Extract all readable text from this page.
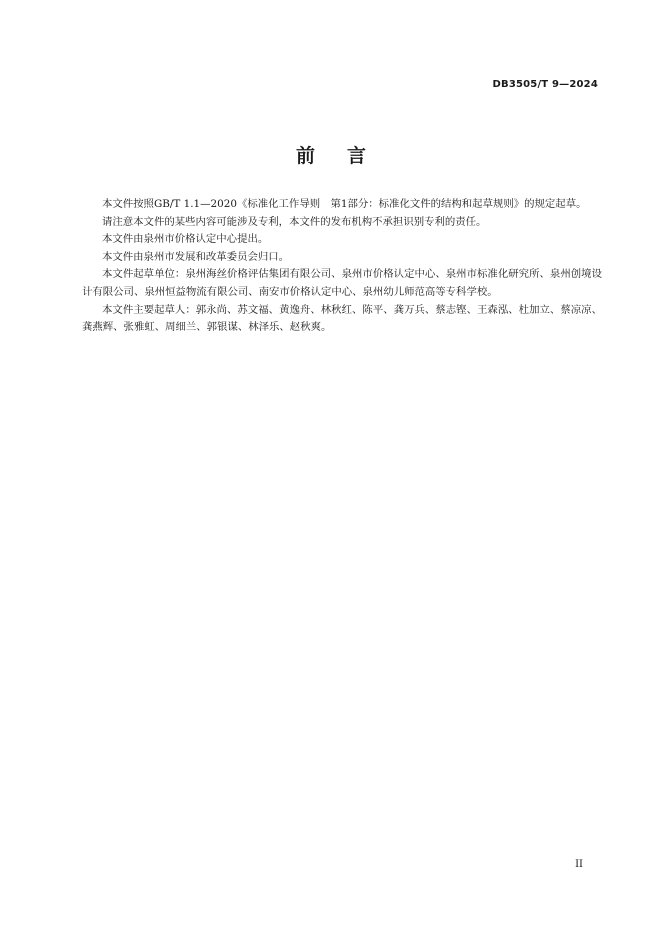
DB3505/T 9—2024
前言

本文件按照GB/T 1.1—2020《标准化工作导则　第1部分：标准化文件的结构和起草规则》的规定起草。

请注意本文件的某些内容可能涉及专利，本文件的发布机构不承担识别专利的责任。

本文件由泉州市价格认定中心提出。

本文件由泉州市发展和改革委员会归口。

本文件起草单位：泉州海丝价格评估集团有限公司、泉州市价格认定中心、泉州市标准化研究所、泉州创境设计有限公司、泉州恒益物流有限公司、南安市价格认定中心、泉州幼儿师范高等专科学校。

本文件主要起草人：郭永尚、苏文福、黄逸舟、林秋红、陈平、龚万兵、蔡志铿、王森泓、杜加立、蔡凉凉、龚燕辉、张雅虹、周细兰、郭银谋、林泽乐、赵秋爽。

II
